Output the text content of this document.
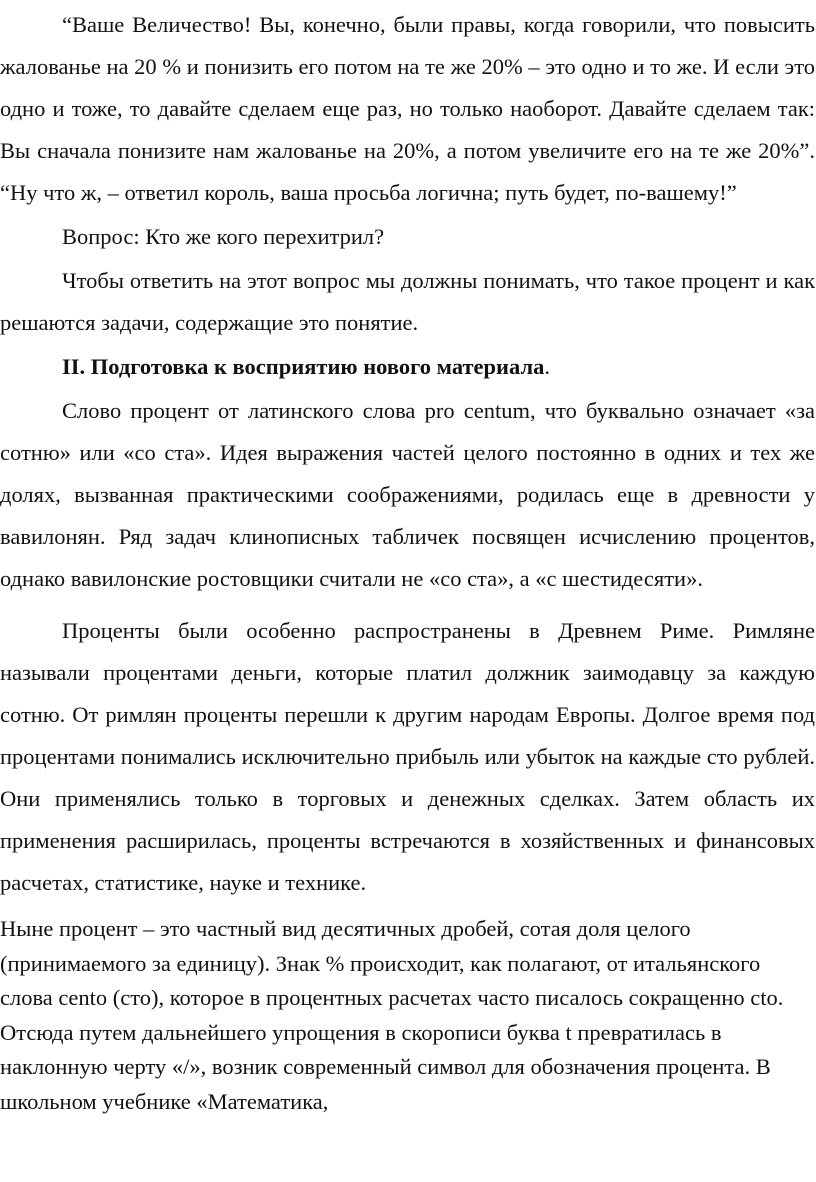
“Ваше Величество! Вы, конечно, были правы, когда говорили, что повысить жалованье на 20 % и понизить его потом на те же 20% – это одно и то же. И если это одно и тоже, то давайте сделаем еще раз, но только наоборот. Давайте сделаем так: Вы сначала понизите нам жалованье на 20%, а потом увеличите его на те же 20%”. “Ну что ж, – ответил король, ваша просьба логична; путь будет, по-вашему!”

Вопрос: Кто же кого перехитрил?

Чтобы ответить на этот вопрос мы должны понимать, что такое процент и как решаются задачи, содержащие это понятие.

II. Подготовка к восприятию нового материала.

Слово процент от латинского слова pro centum, что буквально означает «за сотню» или «со ста». Идея выражения частей целого постоянно в одних и тех же долях, вызванная практическими соображениями, родилась еще в древности у вавилонян. Ряд задач клинописных табличек посвящен исчислению процентов, однако вавилонские ростовщики считали не «со ста», а «с шестидесяти».

Проценты были особенно распространены в Древнем Риме. Римляне называли процентами деньги, которые платил должник заимодавцу за каждую сотню. От римлян проценты перешли к другим народам Европы. Долгое время под процентами понимались исключительно прибыль или убыток на каждые сто рублей. Они применялись только в торговых и денежных сделках. Затем область их применения расширилась, проценты встречаются в хозяйственных и финансовых расчетах, статистике, науке и технике.

Ныне процент – это частный вид десятичных дробей, сотая доля целого (принимаемого за единицу). Знак % происходит, как полагают, от итальянского слова cento (сто), которое в процентных расчетах часто писалось сокращенно cto. Отсюда путем дальнейшего упрощения в скорописи буква t превратилась в наклонную черту «/», возник современный символ для обозначения процента. В школьном учебнике «Математика,
